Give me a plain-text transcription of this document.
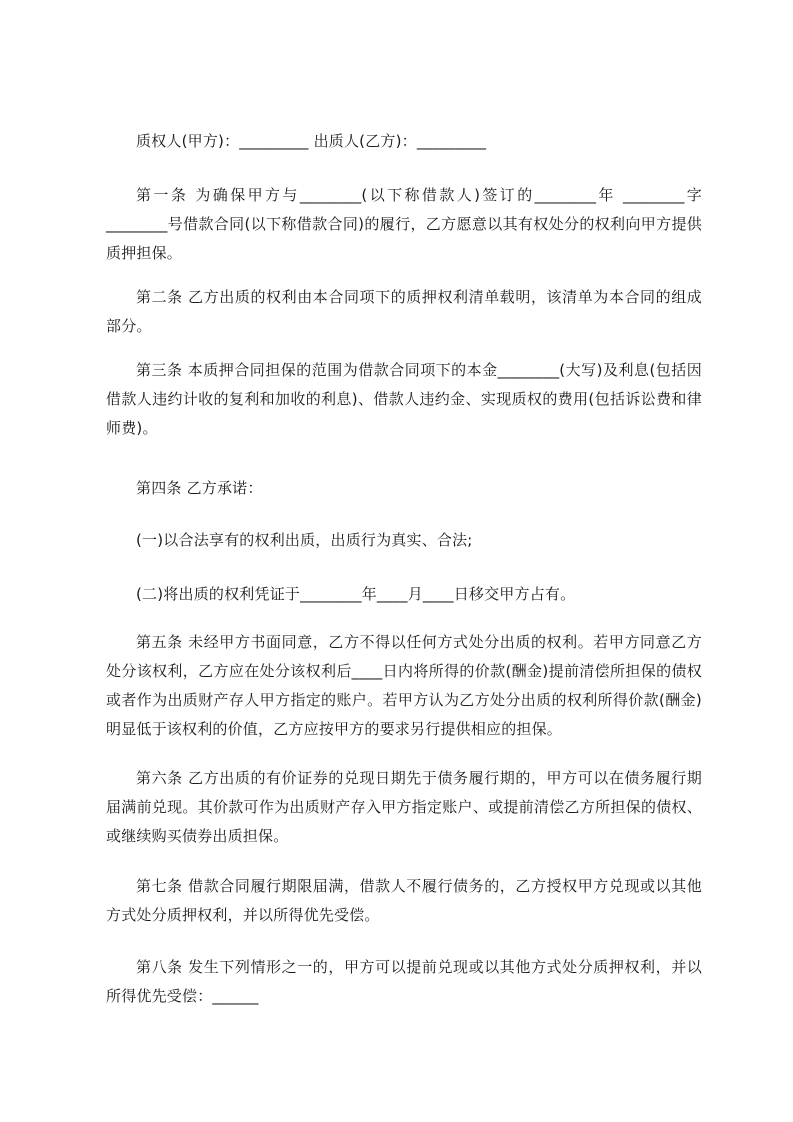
质权人(甲方)：_________ 出质人(乙方)：_________

第一条 为确保甲方与________(以下称借款人)签订的________年 ________字________号借款合同(以下称借款合同)的履行，乙方愿意以其有权处分的权利向甲方提供质押担保。

第二条 乙方出质的权利由本合同项下的质押权利清单载明，该清单为本合同的组成部分。

第三条 本质押合同担保的范围为借款合同项下的本金________(大写)及利息(包括因借款人违约计收的复利和加收的利息)、借款人违约金、实现质权的费用(包括诉讼费和律师费)。

第四条 乙方承诺：

(一)以合法享有的权利出质，出质行为真实、合法;

(二)将出质的权利凭证于________年____月____日移交甲方占有。

第五条 未经甲方书面同意，乙方不得以任何方式处分出质的权利。若甲方同意乙方处分该权利，乙方应在处分该权利后____日内将所得的价款(酬金)提前清偿所担保的债权或者作为出质财产存人甲方指定的账户。若甲方认为乙方处分出质的权利所得价款(酬金)明显低于该权利的价值，乙方应按甲方的要求另行提供相应的担保。

第六条 乙方出质的有价证券的兑现日期先于债务履行期的，甲方可以在债务履行期届满前兑现。其价款可作为出质财产存入甲方指定账户、或提前清偿乙方所担保的债权、或继续购买债券出质担保。

第七条 借款合同履行期限届满，借款人不履行债务的，乙方授权甲方兑现或以其他方式处分质押权利，并以所得优先受偿。

第八条 发生下列情形之一的，甲方可以提前兑现或以其他方式处分质押权利，并以所得优先受偿：______
